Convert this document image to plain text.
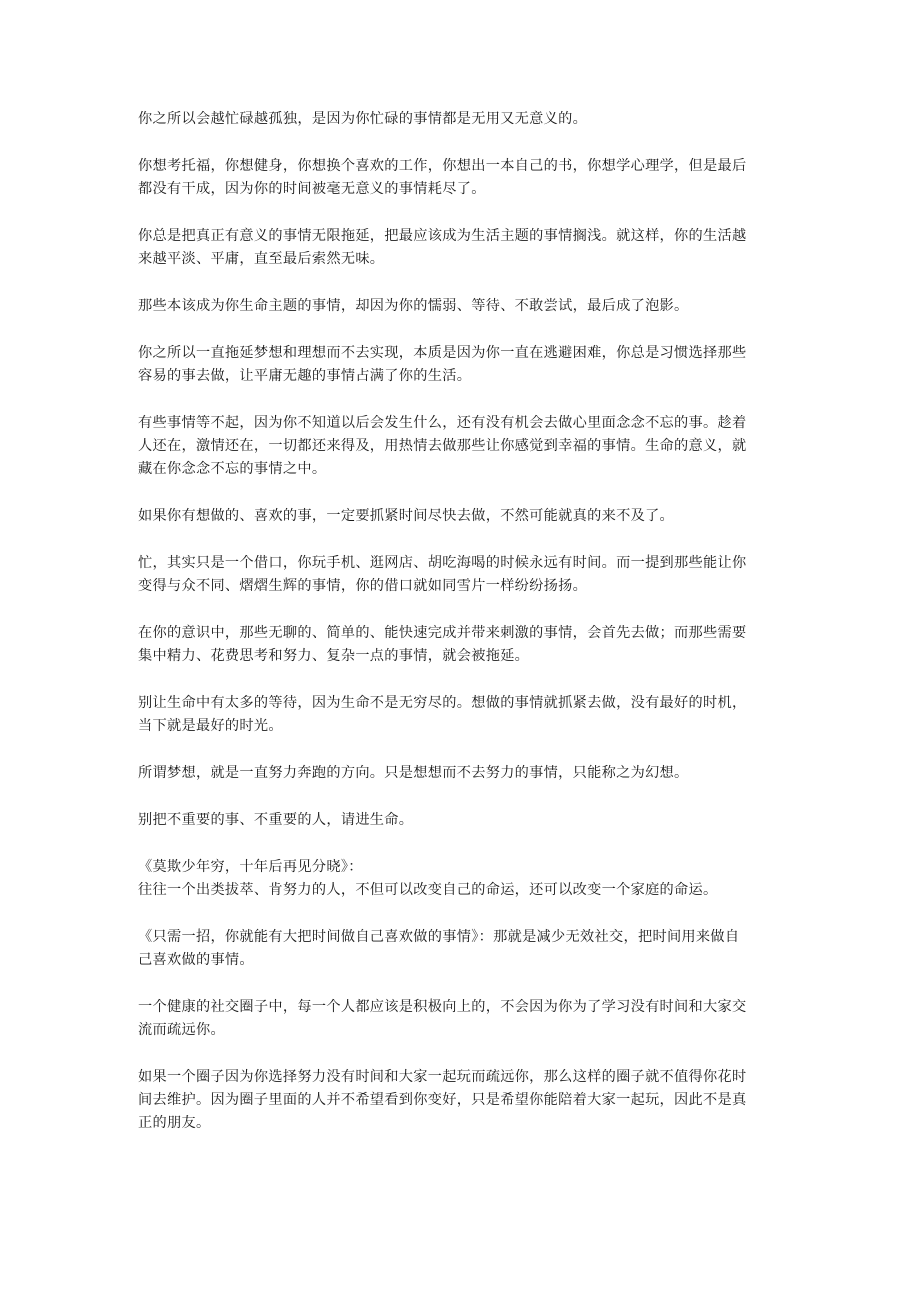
你之所以会越忙碌越孤独，是因为你忙碌的事情都是无用又无意义的。

你想考托福，你想健身，你想换个喜欢的工作，你想出一本自己的书，你想学心理学，但是最后
都没有干成，因为你的时间被毫无意义的事情耗尽了。

你总是把真正有意义的事情无限拖延，把最应该成为生活主题的事情搁浅。就这样，你的生活越
来越平淡、平庸，直至最后索然无味。

那些本该成为你生命主题的事情，却因为你的懦弱、等待、不敢尝试，最后成了泡影。

你之所以一直拖延梦想和理想而不去实现，本质是因为你一直在逃避困难，你总是习惯选择那些
容易的事去做，让平庸无趣的事情占满了你的生活。

有些事情等不起，因为你不知道以后会发生什么，还有没有机会去做心里面念念不忘的事。趁着
人还在，激情还在，一切都还来得及，用热情去做那些让你感觉到幸福的事情。生命的意义，就
藏在你念念不忘的事情之中。

如果你有想做的、喜欢的事，一定要抓紧时间尽快去做，不然可能就真的来不及了。

忙，其实只是一个借口，你玩手机、逛网店、胡吃海喝的时候永远有时间。而一提到那些能让你
变得与众不同、熠熠生辉的事情，你的借口就如同雪片一样纷纷扬扬。

在你的意识中，那些无聊的、简单的、能快速完成并带来刺激的事情，会首先去做；而那些需要
集中精力、花费思考和努力、复杂一点的事情，就会被拖延。

别让生命中有太多的等待，因为生命不是无穷尽的。想做的事情就抓紧去做，没有最好的时机，
当下就是最好的时光。

所谓梦想，就是一直努力奔跑的方向。只是想想而不去努力的事情，只能称之为幻想。

别把不重要的事、不重要的人，请进生命。

《莫欺少年穷，十年后再见分晓》：
往往一个出类拔萃、肯努力的人，不但可以改变自己的命运，还可以改变一个家庭的命运。

《只需一招，你就能有大把时间做自己喜欢做的事情》：那就是减少无效社交，把时间用来做自
己喜欢做的事情。

一个健康的社交圈子中，每一个人都应该是积极向上的，不会因为你为了学习没有时间和大家交
流而疏远你。

如果一个圈子因为你选择努力没有时间和大家一起玩而疏远你，那么这样的圈子就不值得你花时
间去维护。因为圈子里面的人并不希望看到你变好，只是希望你能陪着大家一起玩，因此不是真
正的朋友。
